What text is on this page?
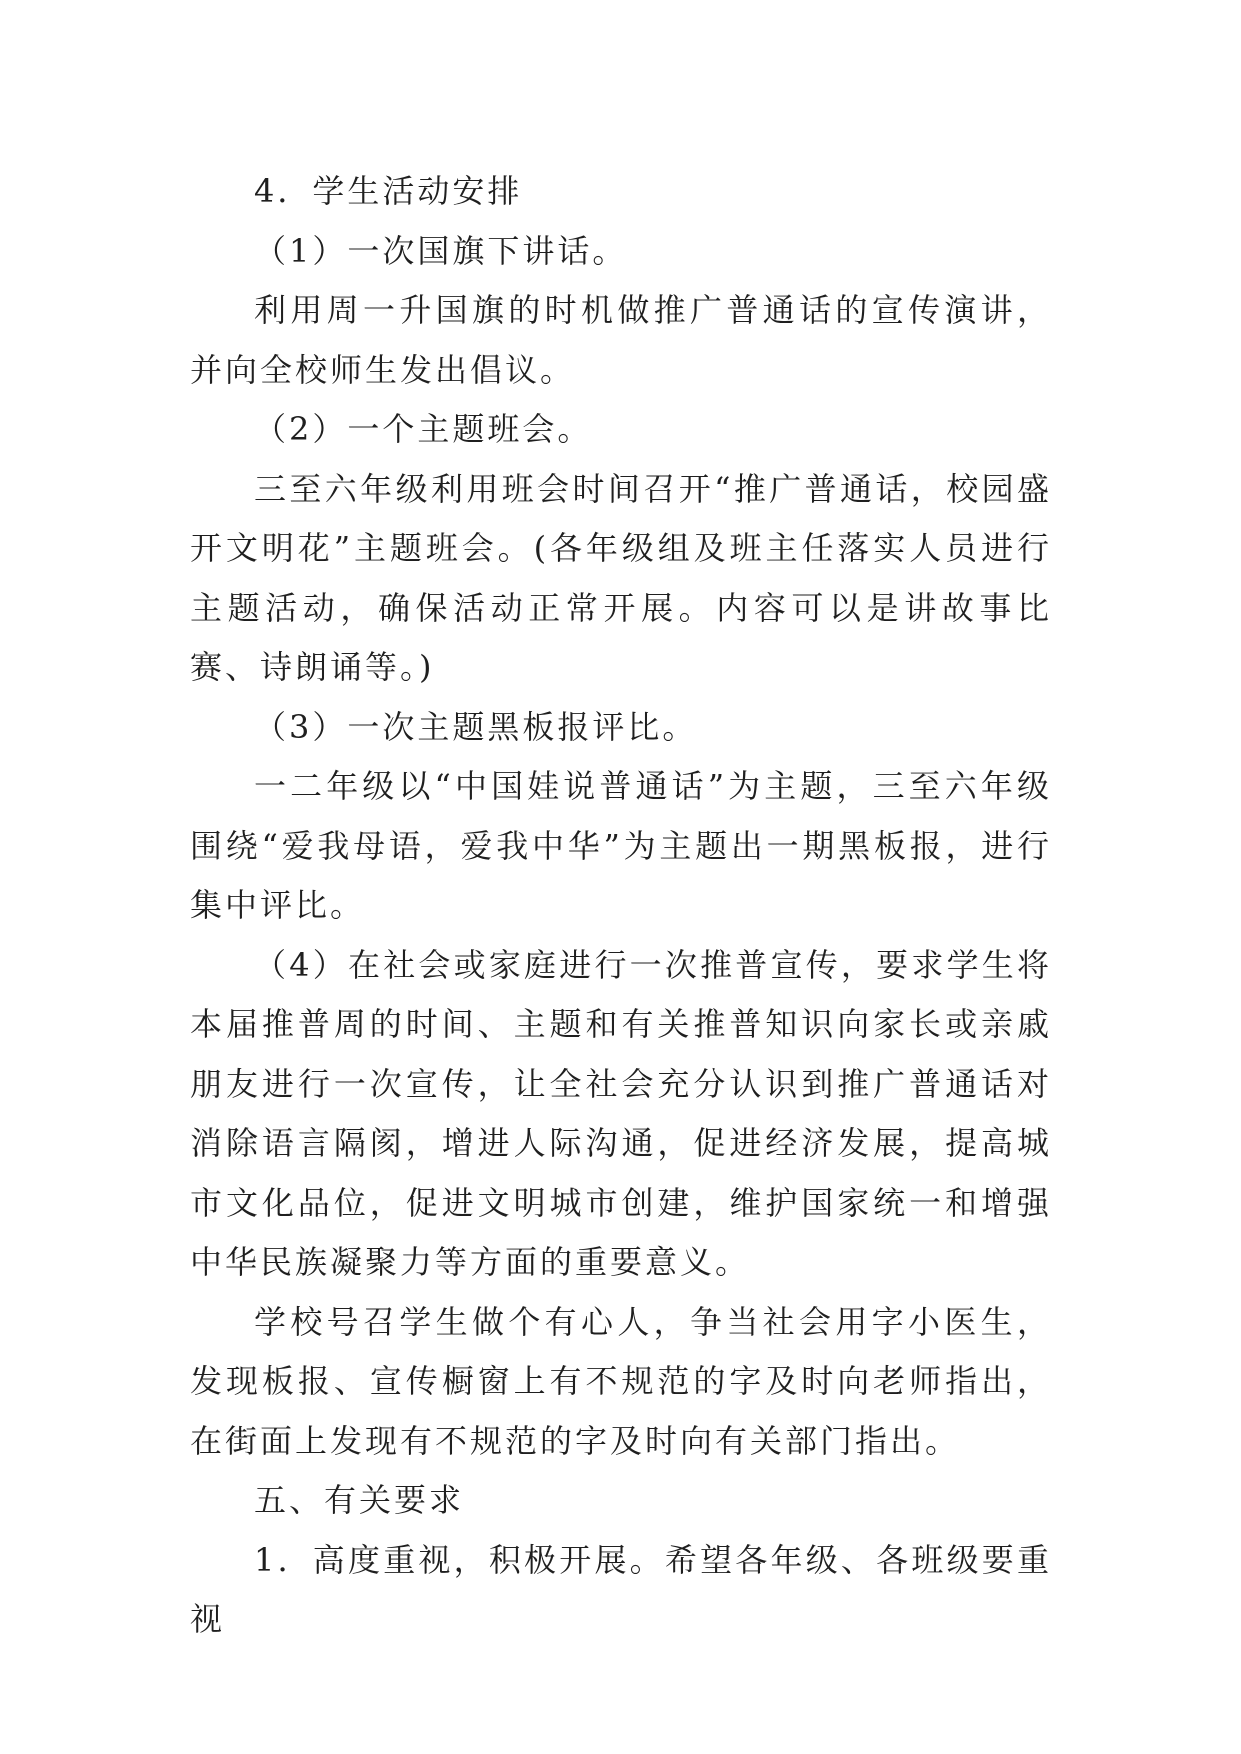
4．学生活动安排

（1）一次国旗下讲话。

利用周一升国旗的时机做推广普通话的宣传演讲，并向全校师生发出倡议。

（2）一个主题班会。

三至六年级利用班会时间召开“推广普通话，校园盛开文明花”主题班会。(各年级组及班主任落实人员进行主题活动，确保活动正常开展。内容可以是讲故事比赛、诗朗诵等。)

（3）一次主题黑板报评比。

一二年级以“中国娃说普通话”为主题，三至六年级围绕“爱我母语，爱我中华”为主题出一期黑板报，进行集中评比。

（4）在社会或家庭进行一次推普宣传，要求学生将本届推普周的时间、主题和有关推普知识向家长或亲戚朋友进行一次宣传，让全社会充分认识到推广普通话对消除语言隔阂，增进人际沟通，促进经济发展，提高城市文化品位，促进文明城市创建，维护国家统一和增强中华民族凝聚力等方面的重要意义。

学校号召学生做个有心人，争当社会用字小医生，发现板报、宣传橱窗上有不规范的字及时向老师指出，在街面上发现有不规范的字及时向有关部门指出。

五、有关要求

1．高度重视，积极开展。希望各年级、各班级要重视
